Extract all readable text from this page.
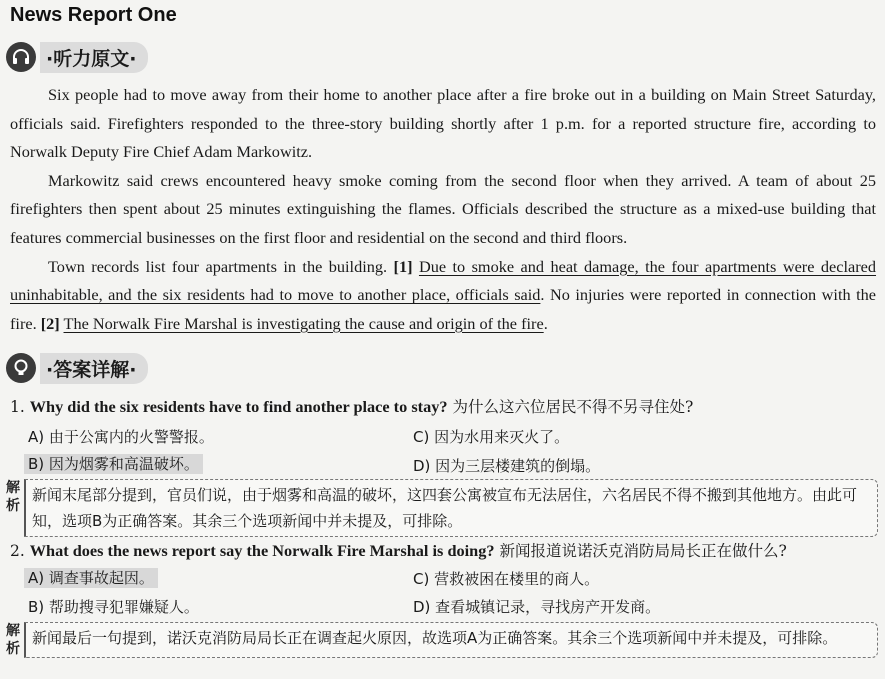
News Report One
·听力原文·

Six people had to move away from their home to another place after a fire broke out in a building on Main Street Saturday, officials said. Firefighters responded to the three-story building shortly after 1 p.m. for a reported structure fire, according to Norwalk Deputy Fire Chief Adam Markowitz.

Markowitz said crews encountered heavy smoke coming from the second floor when they arrived. A team of about 25 firefighters then spent about 25 minutes extinguishing the flames. Officials described the structure as a mixed-use building that features commercial businesses on the first floor and residential on the second and third floors.

Town records list four apartments in the building. [1] Due to smoke and heat damage, the four apartments were declared uninhabitable, and the six residents had to move to another place, officials said. No injuries were reported in connection with the fire. [2] The Norwalk Fire Marshal is investigating the cause and origin of the fire.

·答案详解·
1. Why did the six residents have to find another place to stay? 为什么这六位居民不得不另寻住处?
A) 由于公寓内的火警警报。	C) 因为水用来灭火了。
B) 因为烟雾和高温破坏。	D) 因为三层楼建筑的倒塌。
解析
新闻末尾部分提到，官员们说，由于烟雾和高温的破坏，这四套公寓被宣布无法居住，六名居民不得不搬到其他地方。由此可知，选项B为正确答案。其余三个选项新闻中并未提及，可排除。
2. What does the news report say the Norwalk Fire Marshal is doing? 新闻报道说诺沃克消防局局长正在做什么?
A) 调查事故起因。	C) 营救被困在楼里的商人。
B) 帮助搜寻犯罪嫌疑人。	D) 查看城镇记录，寻找房产开发商。
解析
新闻最后一句提到，诺沃克消防局局长正在调查起火原因，故选项A为正确答案。其余三个选项新闻中并未提及，可排除。
